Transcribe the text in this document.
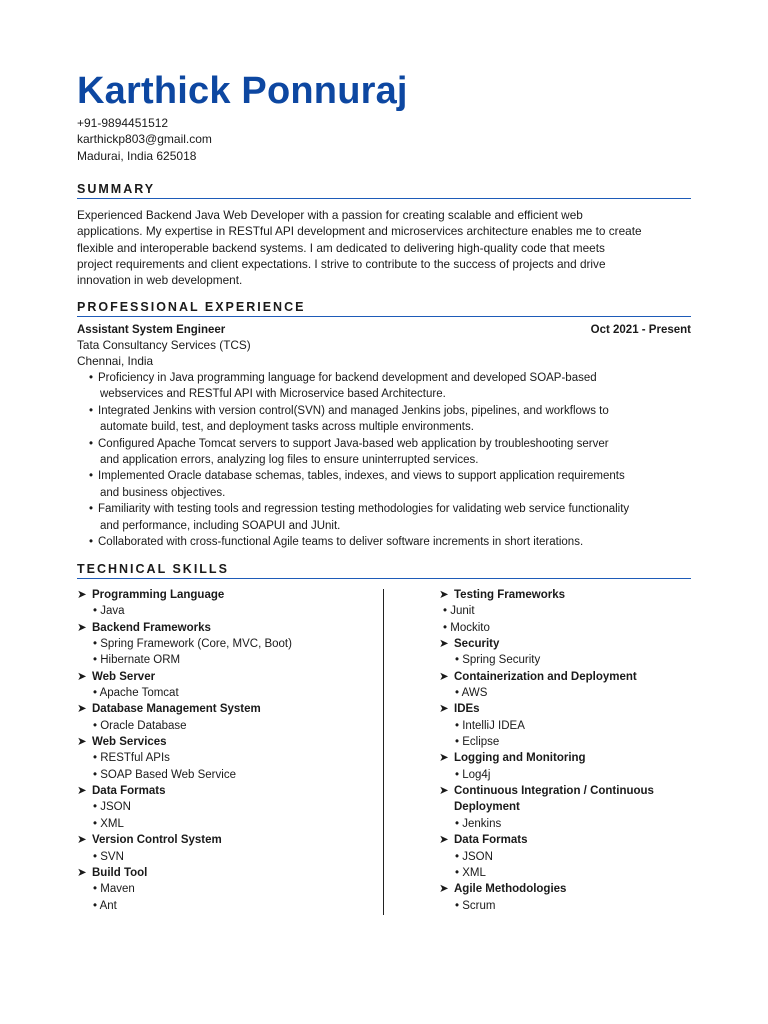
Karthick Ponnuraj
+91-9894451512
karthickp803@gmail.com
Madurai, India 625018
SUMMARY
Experienced Backend Java Web Developer with a passion for creating scalable and efficient web
applications. My expertise in RESTful API development and microservices architecture enables me to create
flexible and interoperable backend systems. I am dedicated to delivering high-quality code that meets
project requirements and client expectations. I strive to contribute to the success of projects and drive
innovation in web development.
PROFESSIONAL EXPERIENCE
Assistant System Engineer	Oct 2021 - Present
Tata Consultancy Services (TCS)
Chennai, India
• Proficiency in Java programming language for backend development and developed SOAP-based
webservices and RESTful API with Microservice based Architecture.
• Integrated Jenkins with version control(SVN) and managed Jenkins jobs, pipelines, and workflows to
automate build, test, and deployment tasks across multiple environments.
• Configured Apache Tomcat servers to support Java-based web application by troubleshooting server
and application errors, analyzing log files to ensure uninterrupted services.
• Implemented Oracle database schemas, tables, indexes, and views to support application requirements
and business objectives.
• Familiarity with testing tools and regression testing methodologies for validating web service functionality
and performance, including SOAPUI and JUnit.
• Collaborated with cross-functional Agile teams to deliver software increments in short iterations.
TECHNICAL SKILLS
➤ Programming Language
• Java
➤ Backend Frameworks
• Spring Framework (Core, MVC, Boot)
• Hibernate ORM
➤ Web Server
• Apache Tomcat
➤ Database Management System
• Oracle Database
➤ Web Services
• RESTful APIs
• SOAP Based Web Service
➤ Data Formats
• JSON
• XML
➤ Version Control System
• SVN
➤ Build Tool
• Maven
• Ant
➤ Testing Frameworks
• Junit
• Mockito
➤ Security
• Spring Security
➤ Containerization and Deployment
• AWS
➤ IDEs
• IntelliJ IDEA
• Eclipse
➤ Logging and Monitoring
• Log4j
➤ Continuous Integration / Continuous Deployment
• Jenkins
➤ Data Formats
• JSON
• XML
➤ Agile Methodologies
• Scrum
